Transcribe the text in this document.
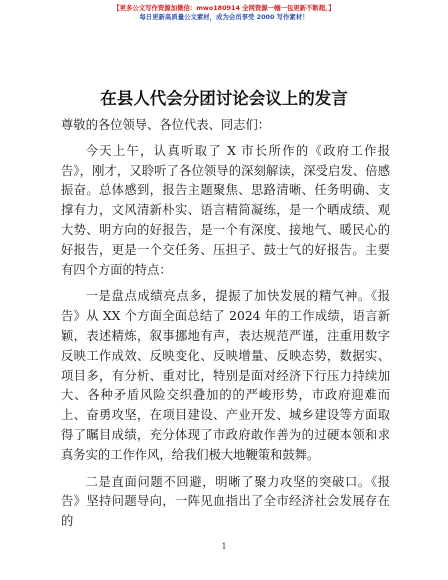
【更多公文写作资源加微信：mwo180914 全网资源一帼一包更新不断超，】
每日更新高质量公文素材，成为会员享受 2000 写作素材！
在县人代会分团讨论会议上的发言

尊敬的各位领导、各位代表、同志们：

今天上午，认真听取了 X 市长所作的《政府工作报告》，刚才，又聆听了各位领导的深刻解读，深受启发、倍感振奋。总体感到，报告主题聚焦、思路清晰、任务明确、支撑有力，文风清新朴实、语言精简凝练，是一个晒成绩、观大势、明方向的好报告，是一个有深度、接地气、暖民心的好报告，更是一个交任务、压担子、鼓士气的好报告。主要有四个方面的特点：

一是盘点成绩亮点多，提振了加快发展的精气神。《报告》从 XX 个方面全面总结了 2024 年的工作成绩，语言新颖，表述精炼，叙事挪地有声，表达规范严谨，注重用数字反映工作成效、反映变化、反映增量、反映态势，数据实、项目多，有分析、重对比，特别是面对经济下行压力持续加大、各种矛盾风险交织叠加的的严峻形势，市政府迎难而上、奋勇攻坚，在项目建设、产业开发、城乡建设等方面取得了瞩目成绩，充分体现了市政府敢作善为的过硬本领和求真务实的工作作风，给我们极大地鞭策和鼓舞。

二是直面问题不回避，明晰了聚力攻坚的突破口。《报告》坚持问题导向，一阵见血指出了全市经济社会发展存在的

1
